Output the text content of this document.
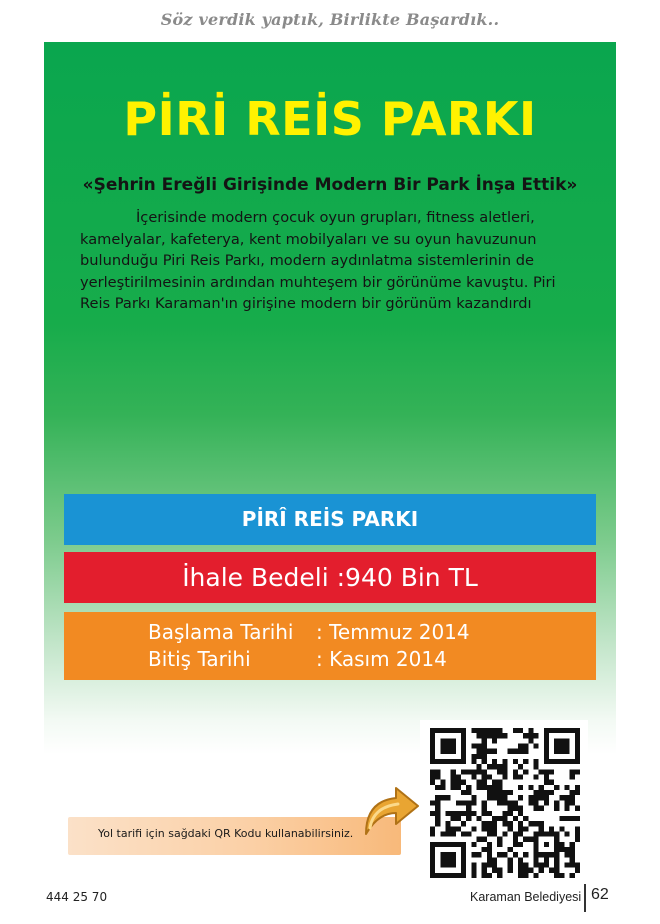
Söz verdik yaptık, Birlikte Başardık..
PİRİ REİS PARKI
«Şehrin Ereğli Girişinde Modern Bir Park İnşa Ettik»

İçerisinde modern çocuk oyun grupları, fitness aletleri, kamelyalar, kafeterya, kent mobilyaları ve su oyun havuzunun bulunduğu Piri Reis Parkı, modern aydınlatma sistemlerinin de yerleştirilmesinin ardından muhteşem bir görünüme kavuştu. Piri Reis Parkı Karaman'ın girişine modern bir görünüm kazandırdı

PİRÎ REİS PARKI
İhale Bedeli :940 Bin TL
Başlama Tarihi : Temmuz 2014
Bitiş Tarihi	: Kasım 2014
Yol tarifi için sağdaki QR Kodu kullanabilirsiniz.
444 25 70	Karaman Belediyesi 62
